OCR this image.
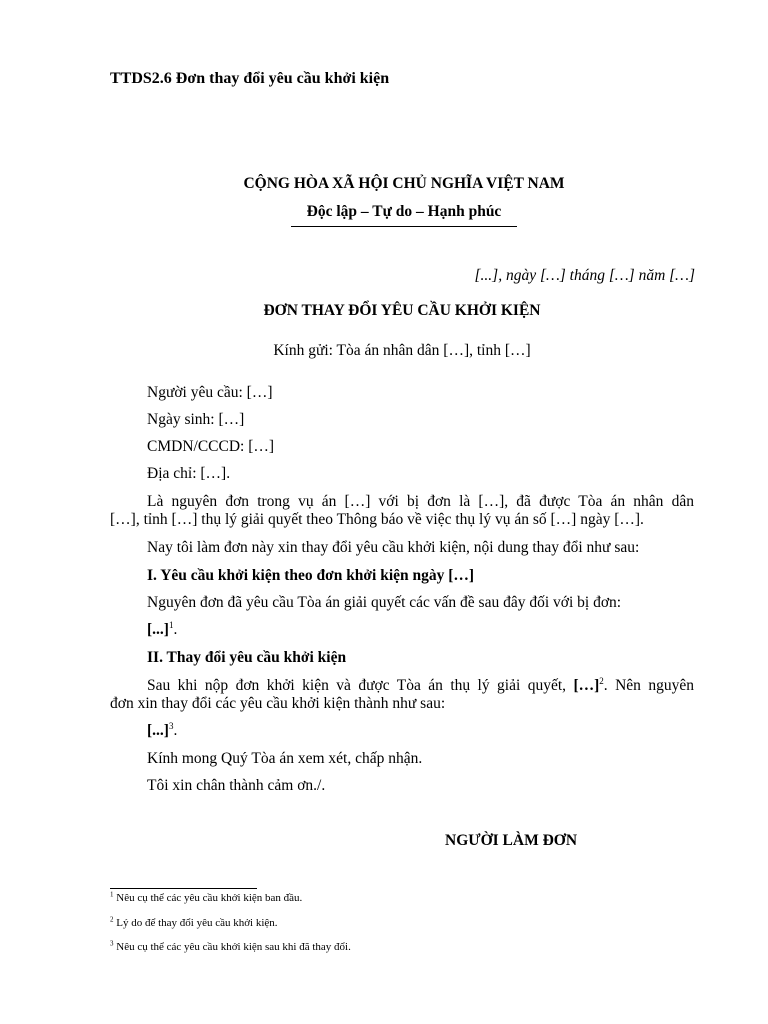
TTDS2.6 Đơn thay đổi yêu cầu khởi kiện
CỘNG HÒA XÃ HỘI CHỦ NGHĨA VIỆT NAM
Độc lập – Tự do – Hạnh phúc
[...], ngày […] tháng […] năm […]
ĐƠN THAY ĐỔI YÊU CẦU KHỞI KIỆN
Kính gửi: Tòa án nhân dân […], tỉnh […]
Người yêu cầu: […]
Ngày sinh: […]
CMDN/CCCD: […]
Địa chỉ: […].
Là nguyên đơn trong vụ án […] với bị đơn là […], đã được Tòa án nhân dân
[…], tỉnh […] thụ lý giải quyết theo Thông báo về việc thụ lý vụ án số […] ngày […].
Nay tôi làm đơn này xin thay đổi yêu cầu khởi kiện, nội dung thay đổi như sau:
I. Yêu cầu khởi kiện theo đơn khởi kiện ngày […]
Nguyên đơn đã yêu cầu Tòa án giải quyết các vấn đề sau đây đối với bị đơn:
[...]$^1$.
II. Thay đổi yêu cầu khởi kiện
Sau khi nộp đơn khởi kiện và được Tòa án thụ lý giải quyết, […]$^2$. Nên nguyên
đơn xin thay đổi các yêu cầu khởi kiện thành như sau:
[...]$^3$.
Kính mong Quý Tòa án xem xét, chấp nhận.
Tôi xin chân thành cảm ơn./.
NGƯỜI LÀM ĐƠN
$^1$ Nêu cụ thể các yêu cầu khởi kiện ban đầu.
$^2$ Lý do để thay đổi yêu cầu khởi kiện.
$^3$ Nêu cụ thể các yêu cầu khởi kiện sau khi đã thay đổi.
